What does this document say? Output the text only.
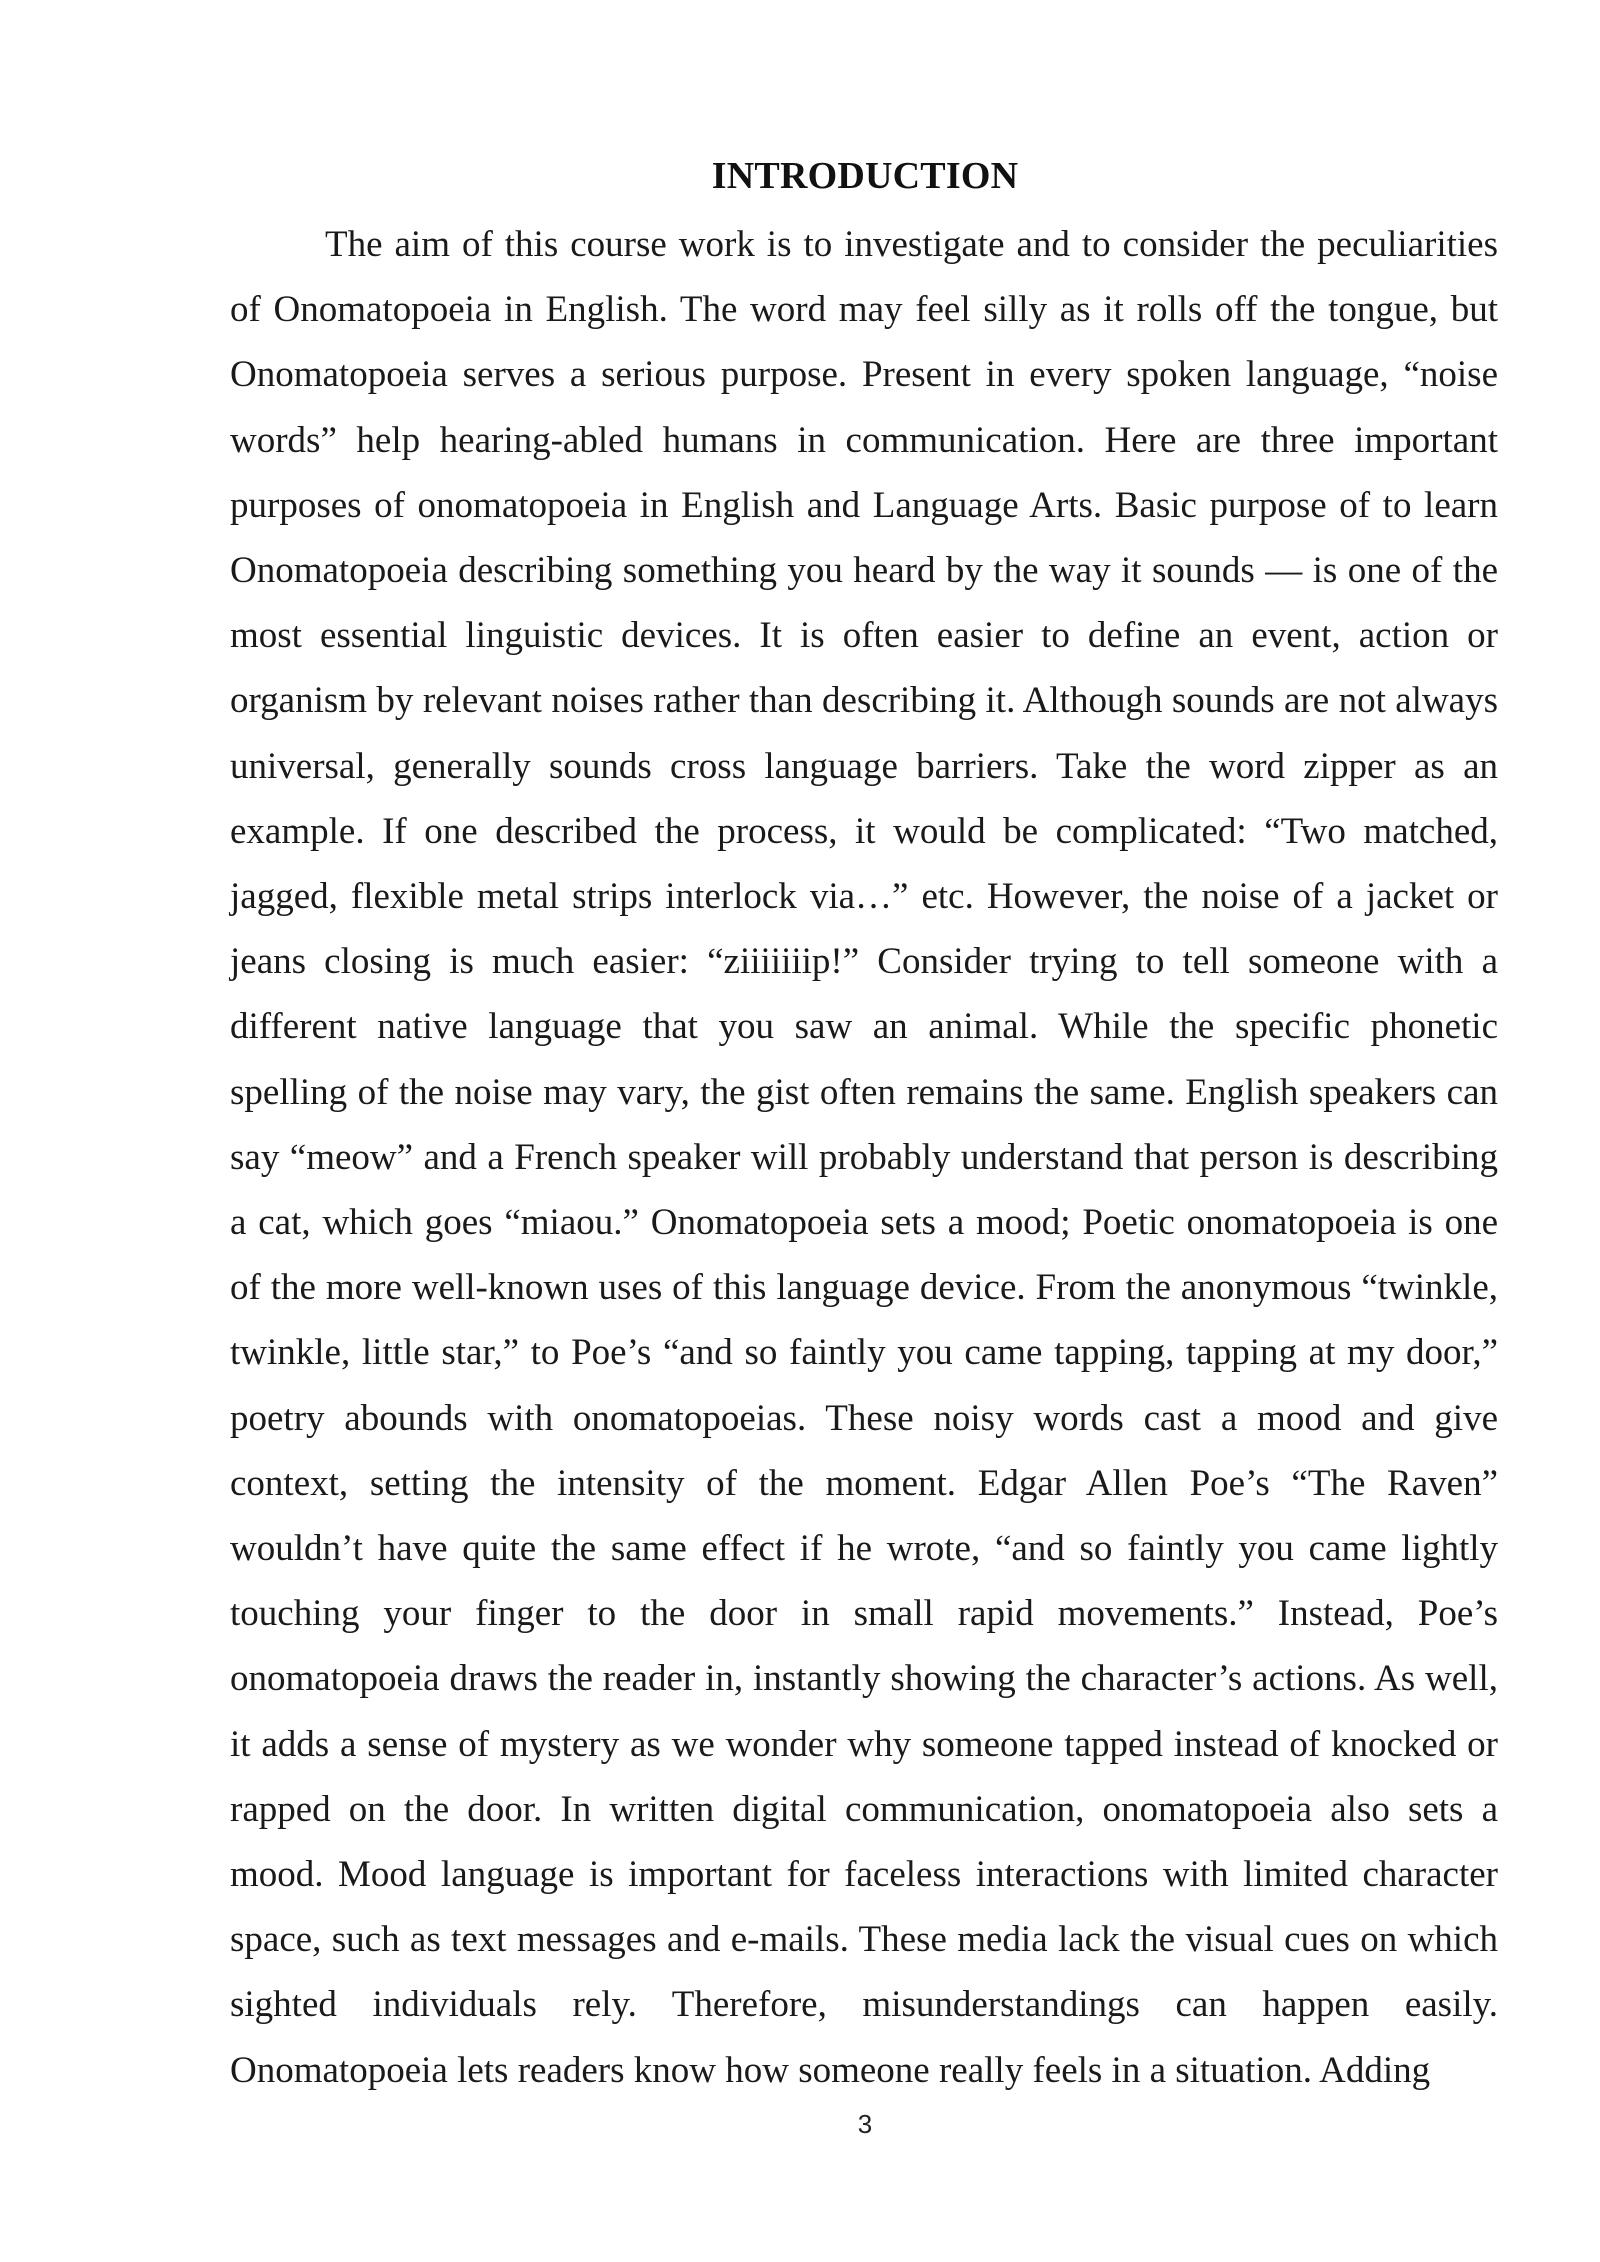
INTRODUCTION

The aim of this course work is to investigate and to consider the peculiarities of Onomatopoeia in English. The word may feel silly as it rolls off the tongue, but Onomatopoeia serves a serious purpose. Present in every spoken language, “noise words” help hearing-abled humans in communication. Here are three important purposes of onomatopoeia in English and Language Arts. Basic purpose of to learn Onomatopoeia describing something you heard by the way it sounds — is one of the most essential linguistic devices. It is often easier to define an event, action or organism by relevant noises rather than describing it. Although sounds are not always universal, generally sounds cross language barriers. Take the word zipper as an example. If one described the process, it would be complicated: “Two matched, jagged, flexible metal strips interlock via…” etc. However, the noise of a jacket or jeans closing is much easier: “ziiiiiiip!” Consider trying to tell someone with a different native language that you saw an animal. While the specific phonetic spelling of the noise may vary, the gist often remains the same. English speakers can say “meow” and a French speaker will probably understand that person is describing a cat, which goes “miaou.” Onomatopoeia sets a mood; Poetic onomatopoeia is one of the more well-known uses of this language device. From the anonymous “twinkle, twinkle, little star,” to Poe’s “and so faintly you came tapping, tapping at my door,” poetry abounds with onomatopoeias. These noisy words cast a mood and give context, setting the intensity of the moment. Edgar Allen Poe’s “The Raven” wouldn’t have quite the same effect if he wrote, “and so faintly you came lightly touching your finger to the door in small rapid movements.” Instead, Poe’s onomatopoeia draws the reader in, instantly showing the character’s actions. As well, it adds a sense of mystery as we wonder why someone tapped instead of knocked or rapped on the door. In written digital communication, onomatopoeia also sets a mood. Mood language is important for faceless interactions with limited character space, such as text messages and e-mails. These media lack the visual cues on which sighted individuals rely. Therefore, misunderstandings can happen easily. Onomatopoeia lets readers know how someone really feels in a situation. Adding

3
